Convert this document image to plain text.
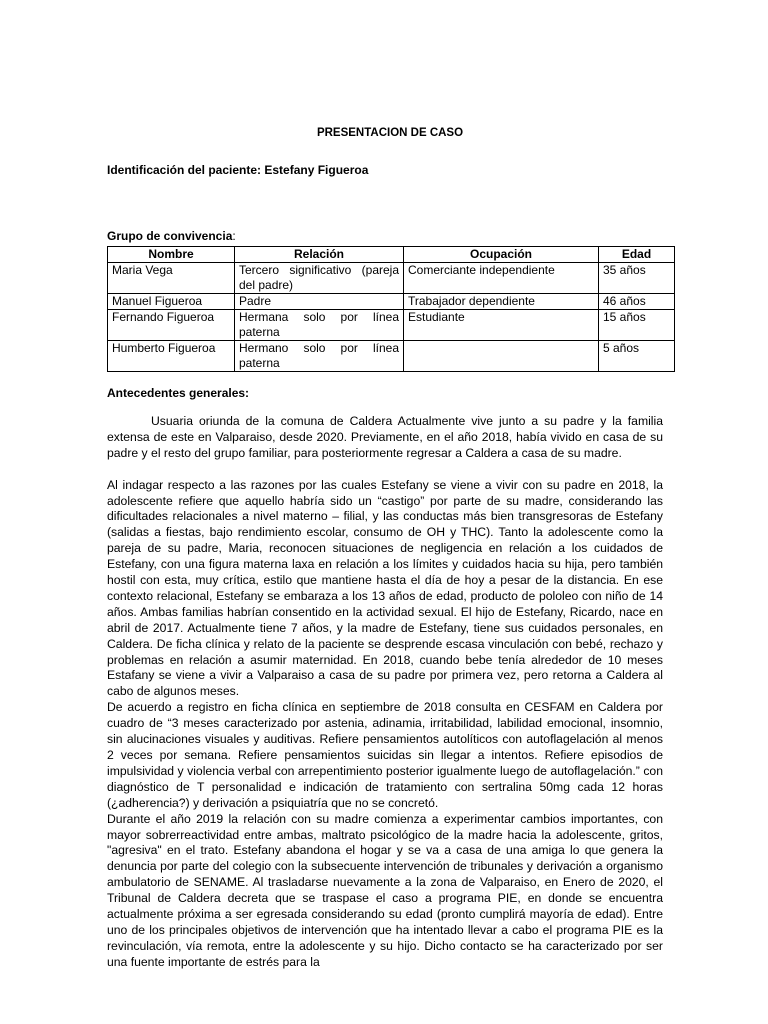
PRESENTACION DE CASO
Identificación del paciente: Estefany Figueroa
Grupo de convivencia:
Nombre	Relación	Ocupación	Edad
Maria Vega	Tercero significativo (pareja del padre)	Comerciante independiente	35 años
Manuel Figueroa	Padre	Trabajador dependiente	46 años
Fernando Figueroa	Hermana solo por línea paterna	Estudiante	15 años
Humberto Figueroa	Hermano solo por línea paterna		5 años
Antecedentes generales:

Usuaria oriunda de la comuna de Caldera Actualmente vive junto a su padre y la familia extensa de este en Valparaiso, desde 2020. Previamente, en el año 2018, había vivido en casa de su padre y el resto del grupo familiar, para posteriormente regresar a Caldera a casa de su madre.

Al indagar respecto a las razones por las cuales Estefany se viene a vivir con su padre en 2018, la adolescente refiere que aquello habría sido un “castigo” por parte de su madre, considerando las dificultades relacionales a nivel materno – filial, y las conductas más bien transgresoras de Estefany (salidas a fiestas, bajo rendimiento escolar, consumo de OH y THC). Tanto la adolescente como la pareja de su padre, Maria, reconocen situaciones de negligencia en relación a los cuidados de Estefany, con una figura materna laxa en relación a los límites y cuidados hacia su hija, pero también hostil con esta, muy crítica, estilo que mantiene hasta el día de hoy a pesar de la distancia. En ese contexto relacional, Estefany se embaraza a los 13 años de edad, producto de pololeo con niño de 14 años. Ambas familias habrían consentido en la actividad sexual. El hijo de Estefany, Ricardo, nace en abril de 2017. Actualmente tiene 7 años, y la madre de Estefany, tiene sus cuidados personales, en Caldera. De ficha clínica y relato de la paciente se desprende escasa vinculación con bebé, rechazo y problemas en relación a asumir maternidad. En 2018, cuando bebe tenía alrededor de 10 meses Estafany se viene a vivir a Valparaiso a casa de su padre por primera vez, pero retorna a Caldera al cabo de algunos meses.

De acuerdo a registro en ficha clínica en septiembre de 2018 consulta en CESFAM en Caldera por cuadro de “3 meses caracterizado por astenia, adinamia, irritabilidad, labilidad emocional, insomnio, sin alucinaciones visuales y auditivas. Refiere pensamientos autolíticos con autoflagelación al menos 2 veces por semana. Refiere pensamientos suicidas sin llegar a intentos. Refiere episodios de impulsividad y violencia verbal con arrepentimiento posterior igualmente luego de autoflagelación.” con diagnóstico de T personalidad e indicación de tratamiento con sertralina 50mg cada 12 horas (¿adherencia?) y derivación a psiquiatría que no se concretó.

Durante el año 2019 la relación con su madre comienza a experimentar cambios importantes, con mayor sobrerreactividad entre ambas, maltrato psicológico de la madre hacia la adolescente, gritos, "agresiva" en el trato. Estefany abandona el hogar y se va a casa de una amiga lo que genera la denuncia por parte del colegio con la subsecuente intervención de tribunales y derivación a organismo ambulatorio de SENAME. Al trasladarse nuevamente a la zona de Valparaiso, en Enero de 2020, el Tribunal de Caldera decreta que se traspase el caso a programa PIE, en donde se encuentra actualmente próxima a ser egresada considerando su edad (pronto cumplirá mayoría de edad). Entre uno de los principales objetivos de intervención que ha intentado llevar a cabo el programa PIE es la revinculación, vía remota, entre la adolescente y su hijo. Dicho contacto se ha caracterizado por ser una fuente importante de estrés para la
